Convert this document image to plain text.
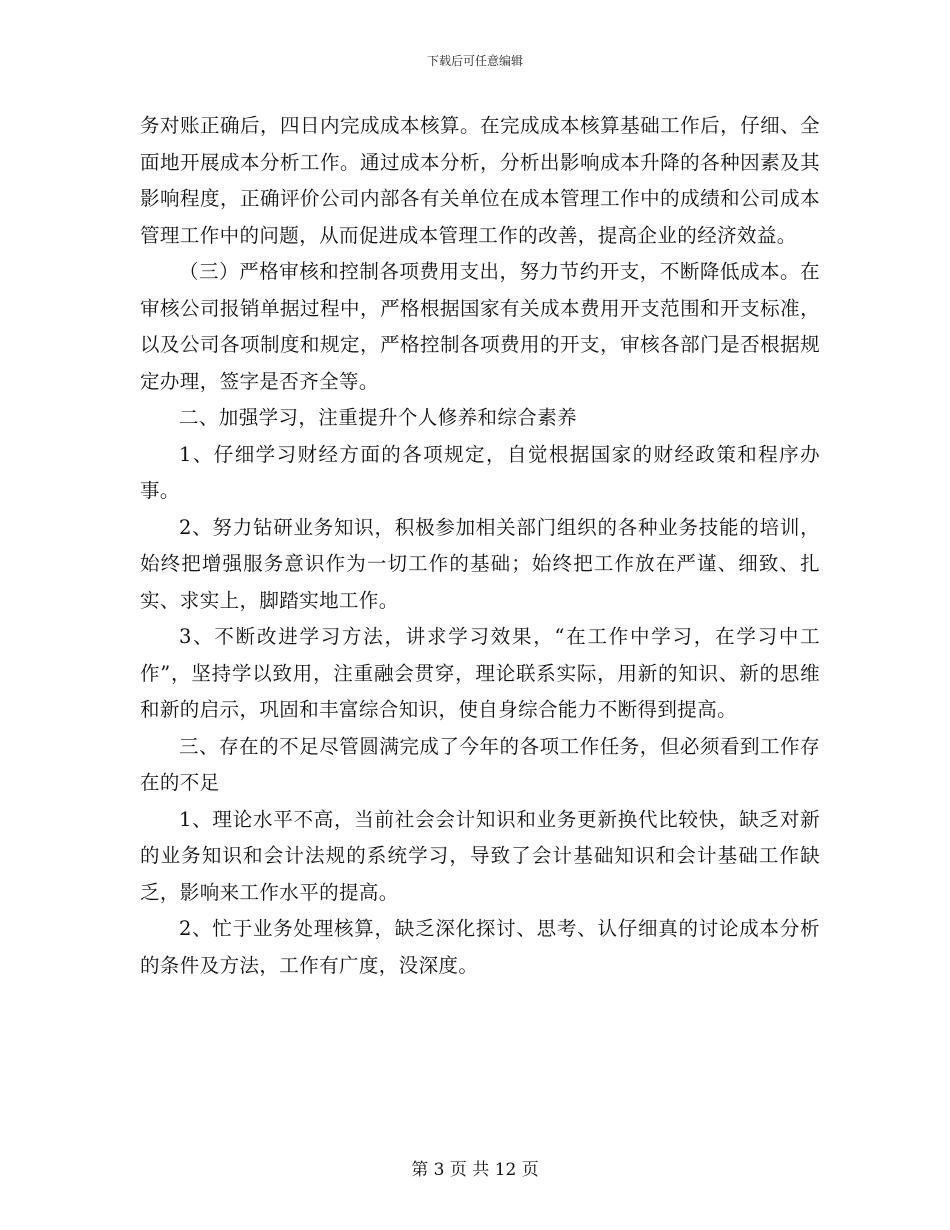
下载后可任意编辑

务对账正确后，四日内完成成本核算。在完成成本核算基础工作后，仔细、全面地开展成本分析工作。通过成本分析，分析出影响成本升降的各种因素及其影响程度，正确评价公司内部各有关单位在成本管理工作中的成绩和公司成本管理工作中的问题，从而促进成本管理工作的改善，提高企业的经济效益。

（三）严格审核和控制各项费用支出，努力节约开支，不断降低成本。在审核公司报销单据过程中，严格根据国家有关成本费用开支范围和开支标准，以及公司各项制度和规定，严格控制各项费用的开支，审核各部门是否根据规定办理，签字是否齐全等。

二、加强学习，注重提升个人修养和综合素养

1、仔细学习财经方面的各项规定，自觉根据国家的财经政策和程序办事。

2、努力钻研业务知识，积极参加相关部门组织的各种业务技能的培训，始终把增强服务意识作为一切工作的基础；始终把工作放在严谨、细致、扎实、求实上，脚踏实地工作。

3、不断改进学习方法，讲求学习效果，“在工作中学习，在学习中工作”，坚持学以致用，注重融会贯穿，理论联系实际，用新的知识、新的思维和新的启示，巩固和丰富综合知识，使自身综合能力不断得到提高。

三、存在的不足尽管圆满完成了今年的各项工作任务，但必须看到工作存在的不足

1、理论水平不高，当前社会会计知识和业务更新换代比较快，缺乏对新的业务知识和会计法规的系统学习，导致了会计基础知识和会计基础工作缺乏，影响来工作水平的提高。

2、忙于业务处理核算，缺乏深化探讨、思考、认仔细真的讨论成本分析的条件及方法，工作有广度，没深度。

第 3 页 共 12 页
